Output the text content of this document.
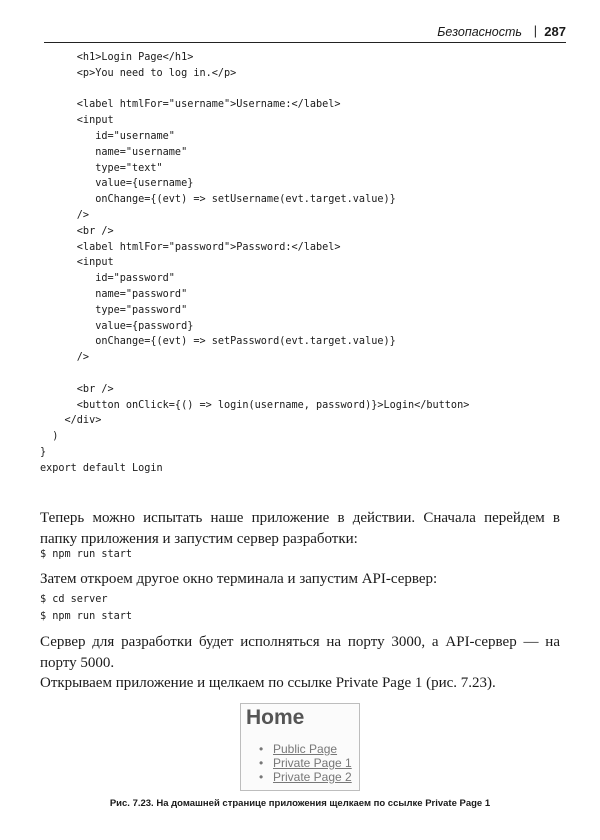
Безопасность | 287
<h1>Login Page</h1>
<p>You need to log in.</p>
<label htmlFor="username">Username:</label>
<input
id="username"
name="username"
type="text"
value={username}
onChange={(evt) => setUsername(evt.target.value)}
/>
<br />
<label htmlFor="password">Password:</label>
<input
id="password"
name="password"
type="password"
value={password}
onChange={(evt) => setPassword(evt.target.value)}
/>
<br />
<button onClick={() => login(username, password)}>Login</button>
</div>
)
}
export default Login

Теперь можно испытать наше приложение в действии. Сначала перейдем в папку приложения и запустим сервер разработки:

$ npm run start

Затем откроем другое окно терминала и запустим API-сервер:

$ cd server
$ npm run start

Сервер для разработки будет исполняться на порту 3000, а API-сервер — на порту 5000.

Открываем приложение и щелкаем по ссылке Private Page 1 (рис. 7.23).

Home
• Public Page
• Private Page 1
• Private Page 2
Рис. 7.23. На домашней странице приложения щелкаем по ссылке Private Page 1
